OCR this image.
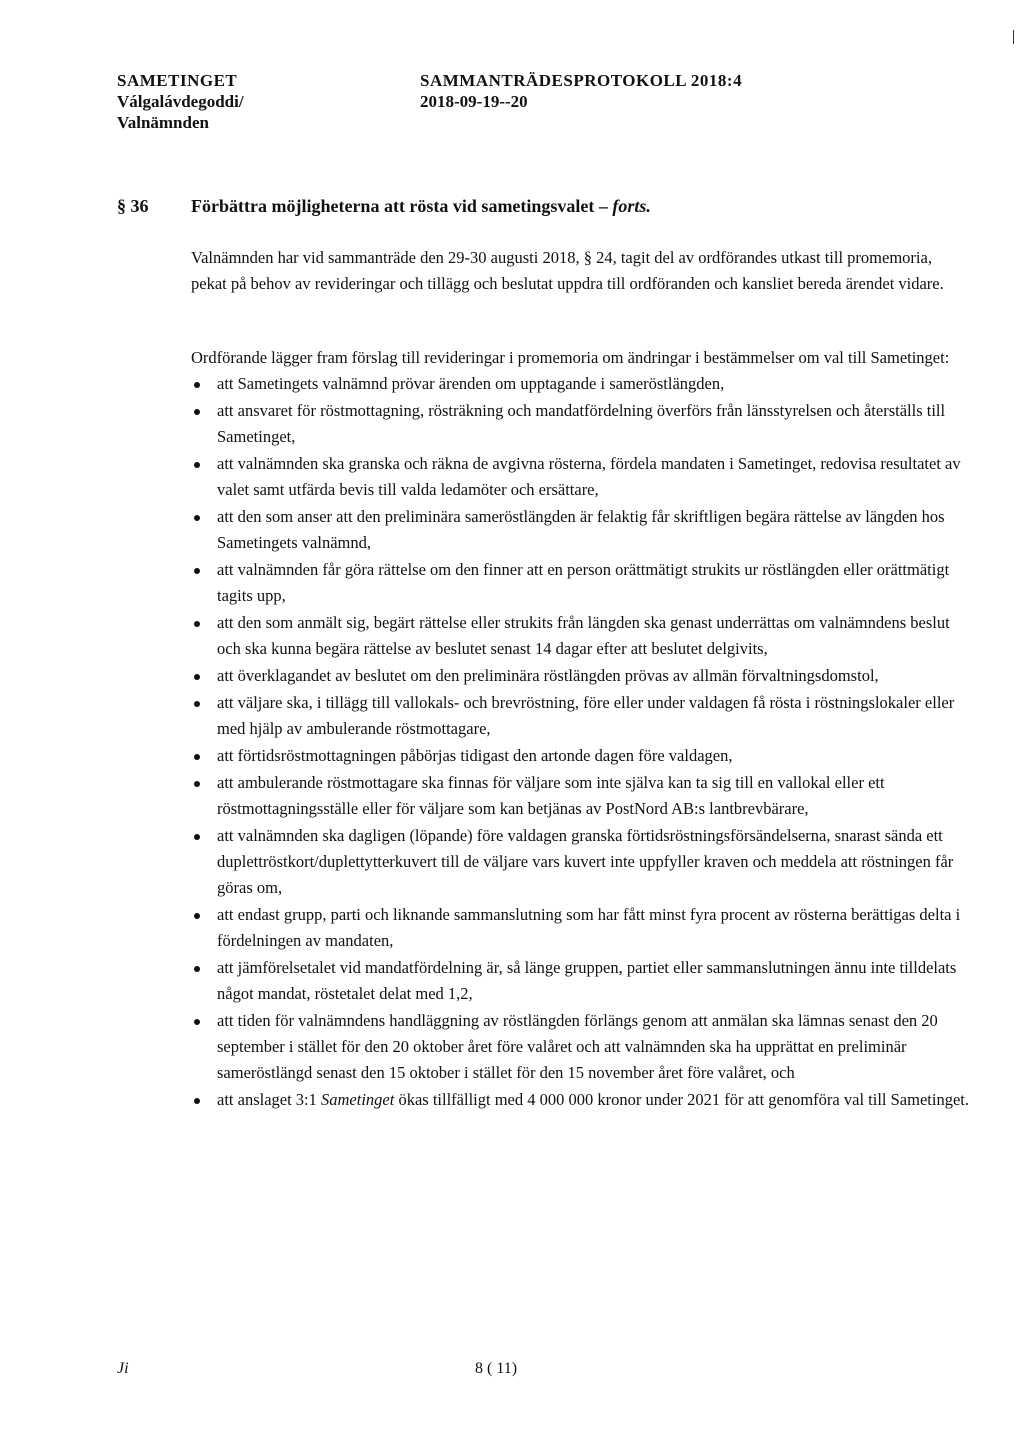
SAMETINGET
Válgalávdegoddi/
Valnämnden
SAMMANTRÄDESPROTOKOLL 2018:4
2018-09-19--20
§ 36 Förbättra möjligheterna att rösta vid sametingsvalet – forts.

Valnämnden har vid sammanträde den 29-30 augusti 2018, § 24, tagit del av ordförandes utkast till promemoria, pekat på behov av revideringar och tillägg och beslutat uppdra till ordföranden och kansliet bereda ärendet vidare.

Ordförande lägger fram förslag till revideringar i promemoria om ändringar i bestämmelser om val till Sametinget:

att Sametingets valnämnd prövar ärenden om upptagande i sameröstlängden,
att ansvaret för röstmottagning, rösträkning och mandatfördelning överförs från länsstyrelsen och återställs till Sametinget,
att valnämnden ska granska och räkna de avgivna rösterna, fördela mandaten i Sametinget, redovisa resultatet av valet samt utfärda bevis till valda ledamöter och ersättare,
att den som anser att den preliminära sameröstlängden är felaktig får skriftligen begära rättelse av längden hos Sametingets valnämnd,
att valnämnden får göra rättelse om den finner att en person orättmätigt strukits ur röstlängden eller orättmätigt tagits upp,
att den som anmält sig, begärt rättelse eller strukits från längden ska genast underrättas om valnämndens beslut och ska kunna begära rättelse av beslutet senast 14 dagar efter att beslutet delgivits,
att överklagandet av beslutet om den preliminära röstlängden prövas av allmän förvaltningsdomstol,
att väljare ska, i tillägg till vallokals- och brevröstning, före eller under valdagen få rösta i röstningslokaler eller med hjälp av ambulerande röstmottagare,
att förtidsröstmottagningen påbörjas tidigast den artonde dagen före valdagen,
att ambulerande röstmottagare ska finnas för väljare som inte själva kan ta sig till en vallokal eller ett röstmottagningsställe eller för väljare som kan betjänas av PostNord AB:s lantbrevbärare,
att valnämnden ska dagligen (löpande) före valdagen granska förtidsröstningsförsändelserna, snarast sända ett duplettröstkort/duplettytterkuvert till de väljare vars kuvert inte uppfyller kraven och meddela att röstningen får göras om,
att endast grupp, parti och liknande sammanslutning som har fått minst fyra procent av rösterna berättigas delta i fördelningen av mandaten,
att jämförelsetalet vid mandatfördelning är, så länge gruppen, partiet eller sammanslutningen ännu inte tilldelats något mandat, röstetalet delat med 1,2,
att tiden för valnämndens handläggning av röstlängden förlängs genom att anmälan ska lämnas senast den 20 september i stället för den 20 oktober året före valåret och att valnämnden ska ha upprättat en preliminär sameröstlängd senast den 15 oktober i stället för den 15 november året före valåret, och
att anslaget 3:1 Sametinget ökas tillfälligt med 4 000 000 kronor under 2021 för att genomföra val till Sametinget.
Ji	8 ( 11)
